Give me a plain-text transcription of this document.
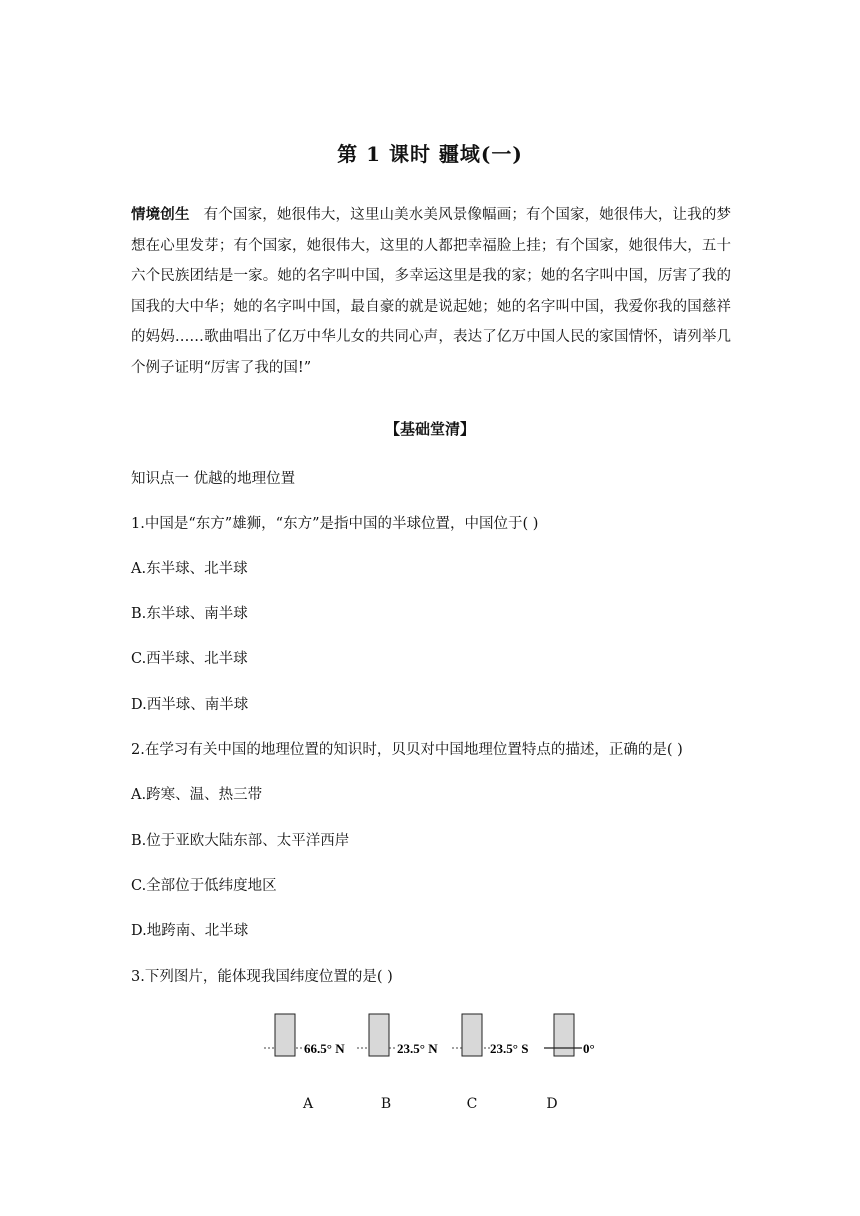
第 1 课时 疆域(一)
情境创生 有个国家，她很伟大，这里山美水美风景像幅画；有个国家，她很伟大，让我的梦想在心里发芽；有个国家，她很伟大，这里的人都把幸福脸上挂；有个国家，她很伟大，五十六个民族团结是一家。她的名字叫中国，多幸运这里是我的家；她的名字叫中国，厉害了我的国我的大中华；她的名字叫中国，最自豪的就是说起她；她的名字叫中国，我爱你我的国慈祥的妈妈……歌曲唱出了亿万中华儿女的共同心声，表达了亿万中国人民的家国情怀，请列举几个例子证明“厉害了我的国!”
【基础堂清】
知识点一 优越的地理位置
1.中国是“东方”雄狮，“东方”是指中国的半球位置，中国位于( )
A.东半球、北半球
B.东半球、南半球
C.西半球、北半球
D.西半球、南半球
2.在学习有关中国的地理位置的知识时，贝贝对中国地理位置特点的描述，正确的是( )
A.跨寒、温、热三带
B.位于亚欧大陆东部、太平洋西岸
C.全部位于低纬度地区
D.地跨南、北半球
3.下列图片，能体现我国纬度位置的是( )
66.5° N	23.5° N	23.5° S	0°
A	B	C	D
